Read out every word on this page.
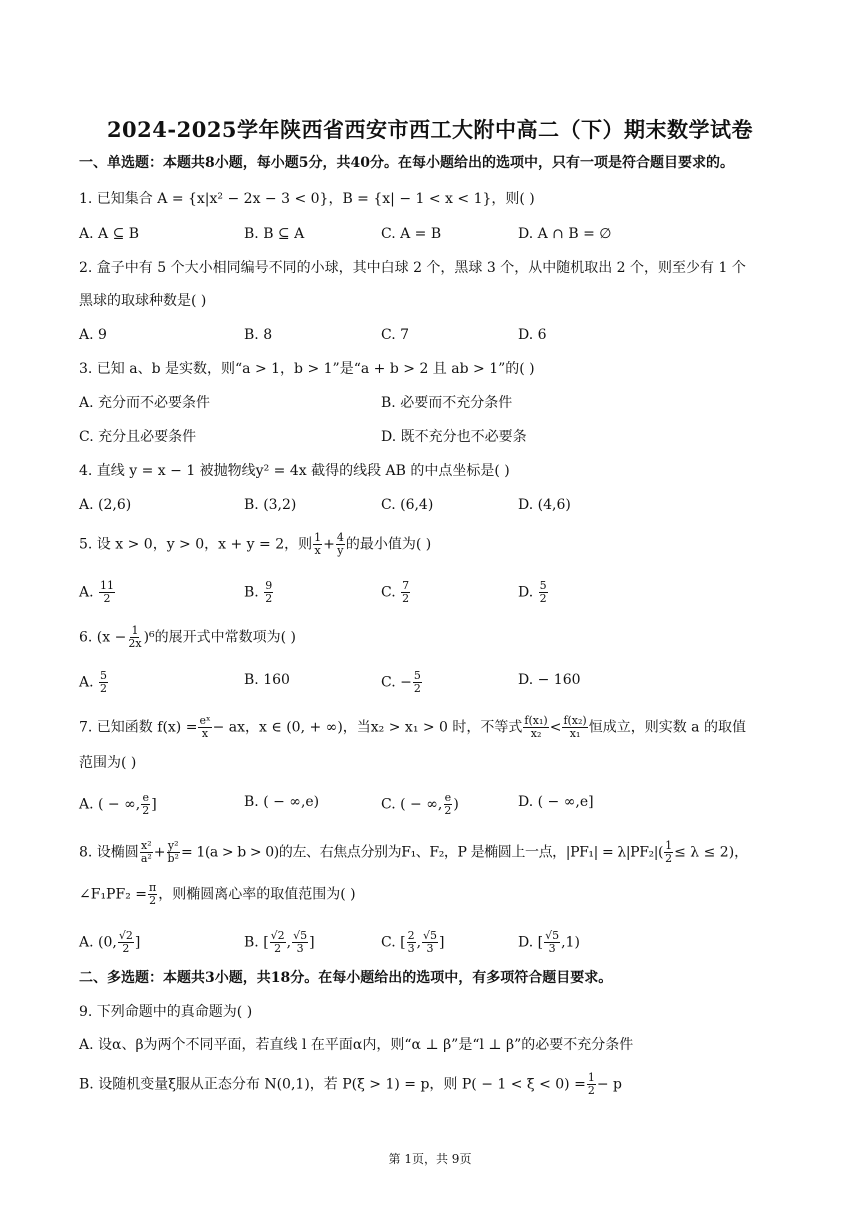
2024-2025学年陕西省西安市西工大附中高二（下）期末数学试卷
一、单选题：本题共8小题，每小题5分，共40分。在每小题给出的选项中，只有一项是符合题目要求的。
1. 已知集合 A = {x|x² − 2x − 3 < 0}，B = {x| − 1 < x < 1}，则( )
A. A ⊆ B	B. B ⊆ A	C. A = B	D. A ∩ B = ∅
2. 盒子中有 5 个大小相同编号不同的小球，其中白球 2 个，黑球 3 个，从中随机取出 2 个，则至少有 1 个
黑球的取球种数是( )
A. 9	B. 8	C. 7	D. 6
3. 已知 a、b 是实数，则“a > 1，b > 1”是“a + b > 2 且 ab > 1”的( )
A. 充分而不必要条件	B. 必要而不充分条件
C. 充分且必要条件	D. 既不充分也不必要条
4. 直线 y = x − 1 被抛物线y² = 4x 截得的线段 AB 的中点坐标是( )
A. (2,6)	B. (3,2)	C. (6,4)	D. (4,6)
5. 设 x > 0，y > 0，x + y = 2，则 $\frac{1}{x} + \frac{4}{y}$ 的最小值为( )
A. $\frac{11}{2}$	B. $\frac{9}{2}$	C. $\frac{7}{2}$	D. $\frac{5}{2}$
6. $(x - \frac{1}{2x} )^6$的展开式中常数项为( )
A. $\frac{5}{2}$	B. 160	C. − $\frac{5}{2}$	D. − 160
7. 已知函数 $f(x) = \frac{\text{eˣ}}{x}$ − ax，x ∈ (0, + ∞)，当x₂ > x₁ > 0 时，不等式 $\frac{\text{f(x₁)}}{\text{x₂}} < \frac{\text{f(x₂)}}{\text{x₁}}$ 恒成立，则实数 a 的取值
范围为( )
A. ( − ∞, $\frac{e}{2}$ ]	B. ( − ∞,e)	C. ( − ∞, $\frac{e}{2}$ )	D. ( − ∞,e]
8. 设椭圆 $\frac{\text{x²}}{\text{a²}} + \frac{\text{y²}}{\text{b²}} = 1(a > b > 0)$的左、右焦点分别为F₁、F₂，P 是椭圆上一点，$|PF_1| = \lambda|PF_2|( \frac{1}{2} \le \lambda \le 2)$，
∠F₁PF₂ = $\frac{\pi}{2}$ ，则椭圆离心率的取值范围为( )
A. (0, $\frac{√2}{2}$ ]	B. [ $\frac{√2}{2}$ , $\frac{√5}{3}$ ]	C. [ $\frac{2}{3}$ , $\frac{√5}{3}$ ]	D. [ $\frac{√5}{3} ,1$)
二、多选题：本题共3小题，共18分。在每小题给出的选项中，有多项符合题目要求。
9. 下列命题中的真命题为( )
A. 设α、β为两个不同平面，若直线 l 在平面α内，则“α ⊥ β”是“l ⊥ β”的必要不充分条件
B. 设随机变量ξ服从正态分布 N(0,1)，若 P(ξ > 1) = p，则 $P( - 1 < \xi < 0) = \frac{1}{2} - p$
第 1页，共 9页
